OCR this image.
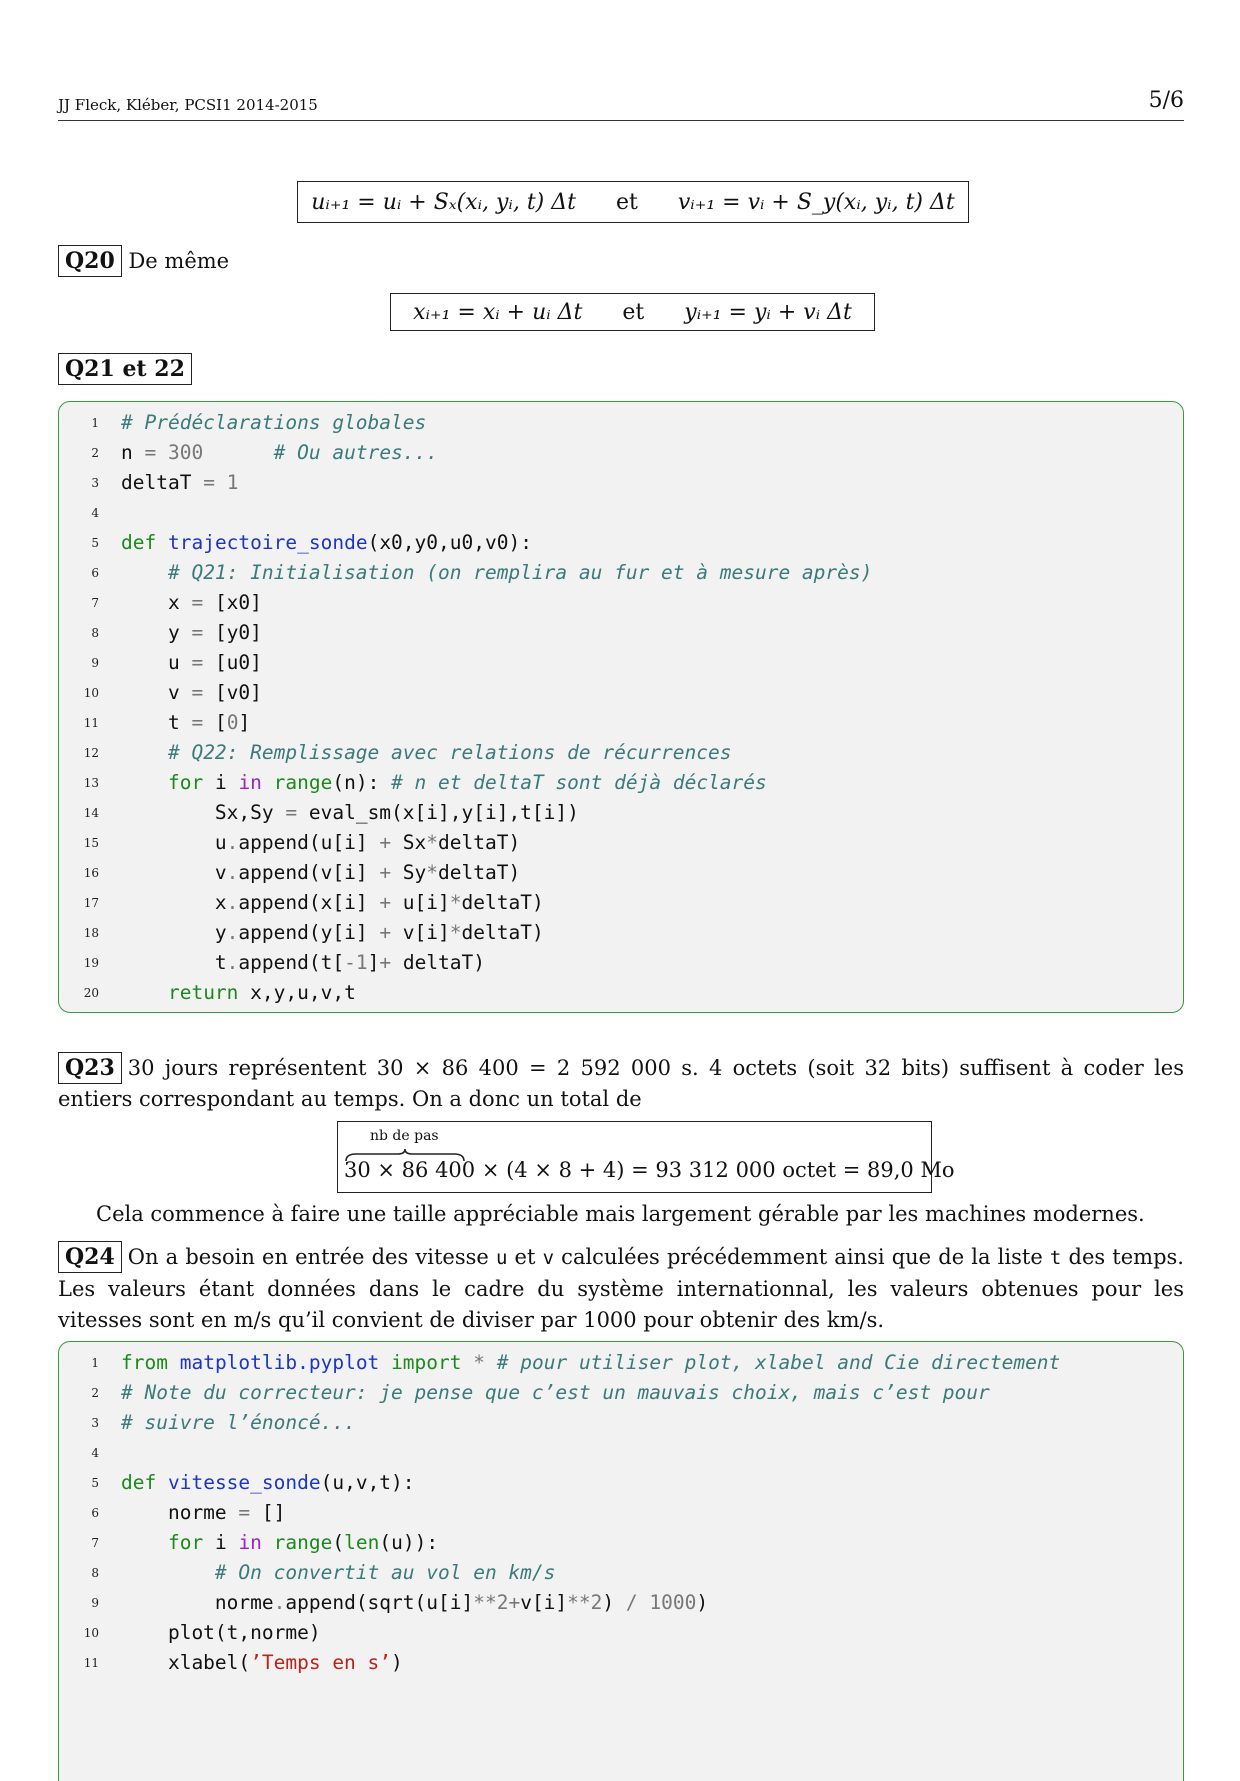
JJ Fleck, Kléber, PCSI1 2014-2015	5/6
uᵢ₊₁ = uᵢ + Sₓ(xᵢ, yᵢ, t) Δt et vᵢ₊₁ = vᵢ + S_y(xᵢ, yᵢ, t) Δt
Q20 De même
xᵢ₊₁ = xᵢ + uᵢ Δt et yᵢ₊₁ = yᵢ + vᵢ Δt
Q21 et 22
1 # Prédéclarations globales
2 n = 300	# Ou autres...
3 deltaT = 1
4
5 def trajectoire_sonde(x0,y0,u0,v0):
6	# Q21: Initialisation (on remplira au fur et à mesure après)
7 x = [x0]
8 y = [y0]
9 u = [u0]
10 v = [v0]
11 t = [0]
12	# Q22: Remplissage avec relations de récurrences
13	for i in range(n): # n et deltaT sont déjà déclarés
14 Sx,Sy = eval_sm(x[i],y[i],t[i])
15 u.append(u[i] + Sx*deltaT)
16 v.append(v[i] + Sy*deltaT)
17 x.append(x[i] + u[i]*deltaT)
18 y.append(y[i] + v[i]*deltaT)
19 t.append(t[-1]+ deltaT)
20	return x,y,u,v,t
Q23 30 jours représentent 30 × 86 400 = 2 592 000 s. 4 octets (soit 32 bits) suffisent à coder les entiers correspondant au temps. On a donc un total de
nb de pas
30 × 86 400 × (4 × 8 + 4) = 93 312 000 octet = 89,0 Mo
Cela commence à faire une taille appréciable mais largement gérable par les machines modernes.
Q24 On a besoin en entrée des vitesse u et v calculées précédemment ainsi que de la liste t des temps. Les valeurs étant données dans le cadre du système internationnal, les valeurs obtenues pour les vitesses sont en m/s qu’il convient de diviser par 1000 pour obtenir des km/s.
1 from matplotlib.pyplot import * # pour utiliser plot, xlabel and Cie directement
2 # Note du correcteur: je pense que c’est un mauvais choix, mais c’est pour
3 # suivre l’énoncé...
4
5 def vitesse_sonde(u,v,t):
6 norme = []
7	for i in range(len(u)):
8	# On convertit au vol en km/s
9 norme.append(sqrt(u[i]**2+v[i]**2) / 1000)
10 plot(t,norme)
11 xlabel(’Temps en s’)
